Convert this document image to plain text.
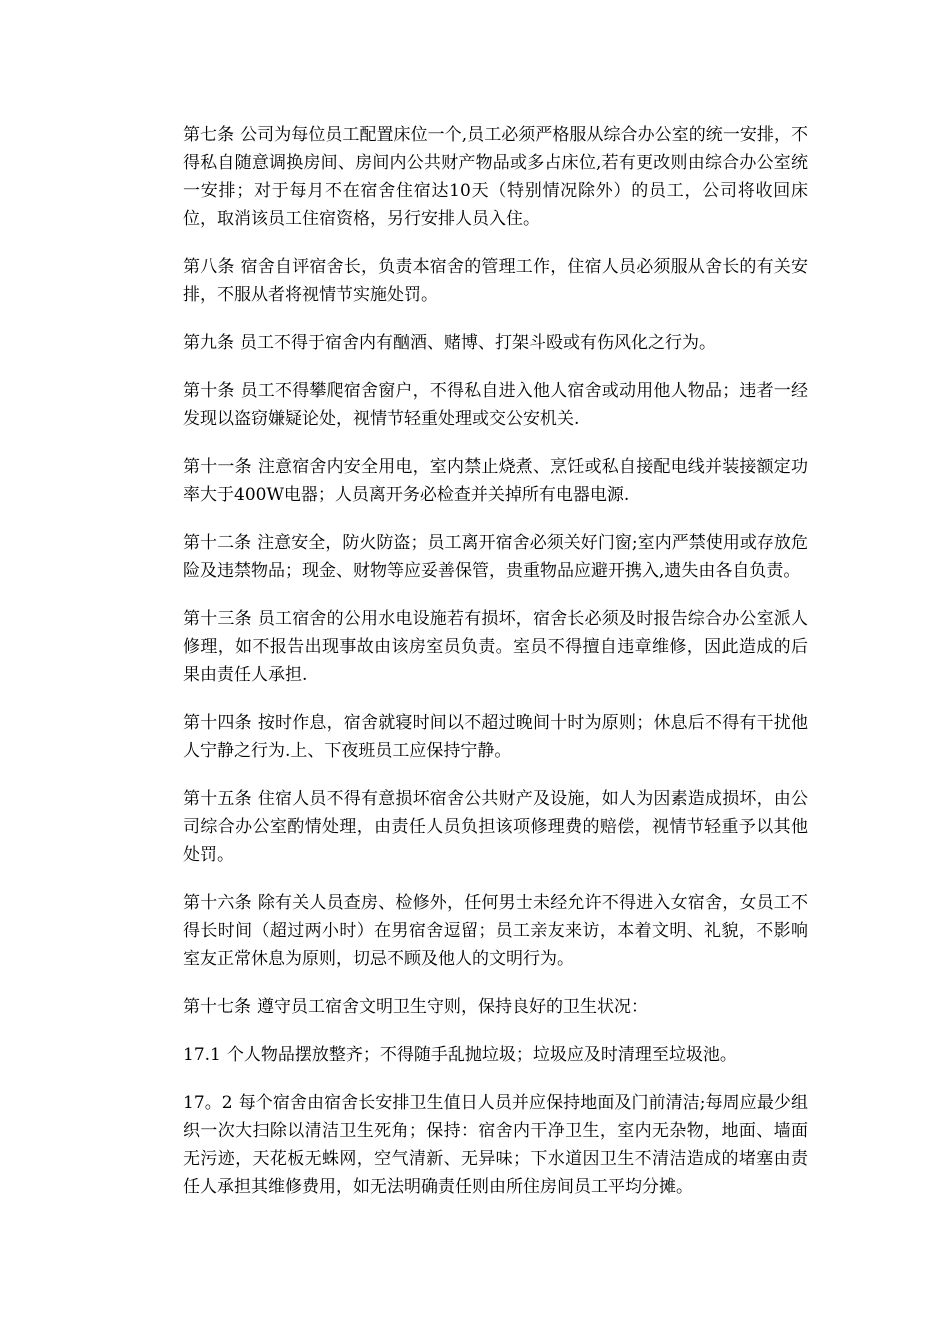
第七条 公司为每位员工配置床位一个,员工必须严格服从综合办公室的统一安排，不得私自随意调换房间、房间内公共财产物品或多占床位,若有更改则由综合办公室统一安排；对于每月不在宿舍住宿达10天（特别情况除外）的员工，公司将收回床位，取消该员工住宿资格，另行安排人员入住。

第八条 宿舍自评宿舍长，负责本宿舍的管理工作，住宿人员必须服从舍长的有关安排，不服从者将视情节实施处罚。

第九条 员工不得于宿舍内有酗酒、赌博、打架斗殴或有伤风化之行为。

第十条 员工不得攀爬宿舍窗户，不得私自进入他人宿舍或动用他人物品；违者一经发现以盗窃嫌疑论处，视情节轻重处理或交公安机关.

第十一条 注意宿舍内安全用电，室内禁止烧煮、烹饪或私自接配电线并装接额定功率大于400W电器；人员离开务必检查并关掉所有电器电源.

第十二条 注意安全，防火防盗；员工离开宿舍必须关好门窗;室内严禁使用或存放危险及违禁物品；现金、财物等应妥善保管，贵重物品应避开携入,遗失由各自负责。

第十三条 员工宿舍的公用水电设施若有损坏，宿舍长必须及时报告综合办公室派人修理，如不报告出现事故由该房室员负责。室员不得擅自违章维修，因此造成的后果由责任人承担.

第十四条 按时作息，宿舍就寝时间以不超过晚间十时为原则；休息后不得有干扰他人宁静之行为.上、下夜班员工应保持宁静。

第十五条 住宿人员不得有意损坏宿舍公共财产及设施，如人为因素造成损坏，由公司综合办公室酌情处理，由责任人员负担该项修理费的赔偿，视情节轻重予以其他处罚。

第十六条 除有关人员查房、检修外，任何男士未经允许不得进入女宿舍，女员工不得长时间（超过两小时）在男宿舍逗留；员工亲友来访，本着文明、礼貌，不影响室友正常休息为原则，切忌不顾及他人的文明行为。

第十七条 遵守员工宿舍文明卫生守则，保持良好的卫生状况：

17.1 个人物品摆放整齐；不得随手乱抛垃圾；垃圾应及时清理至垃圾池。

17。2 每个宿舍由宿舍长安排卫生值日人员并应保持地面及门前清洁;每周应最少组织一次大扫除以清洁卫生死角；保持：宿舍内干净卫生，室内无杂物，地面、墙面无污迹，天花板无蛛网，空气清新、无异味；下水道因卫生不清洁造成的堵塞由责任人承担其维修费用，如无法明确责任则由所住房间员工平均分摊。
